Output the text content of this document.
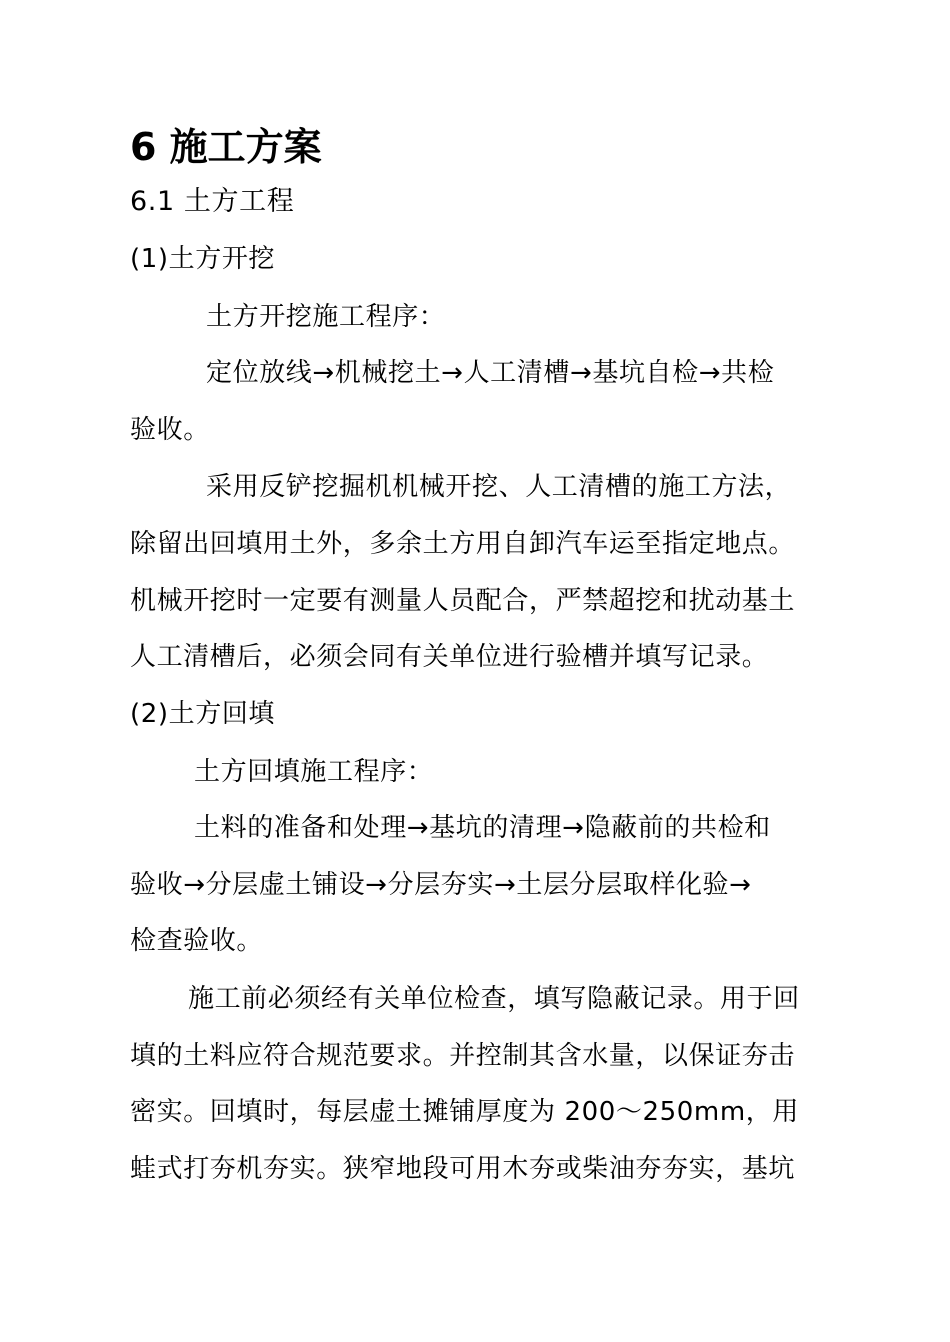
6 施工方案
6.1 土方工程
(1)土方开挖
土方开挖施工程序：
定位放线→机械挖土→人工清槽→基坑自检→共检
验收。
采用反铲挖掘机机械开挖、人工清槽的施工方法，
除留出回填用土外，多余土方用自卸汽车运至指定地点。
机械开挖时一定要有测量人员配合，严禁超挖和扰动基土
人工清槽后，必须会同有关单位进行验槽并填写记录。
(2)土方回填
土方回填施工程序：
土料的准备和处理→基坑的清理→隐蔽前的共检和
验收→分层虚土铺设→分层夯实→土层分层取样化验→
检查验收。
施工前必须经有关单位检查，填写隐蔽记录。用于回
填的土料应符合规范要求。并控制其含水量，以保证夯击
密实。回填时，每层虚土摊铺厚度为 200～250mm，用
蛙式打夯机夯实。狭窄地段可用木夯或柴油夯夯实，基坑
